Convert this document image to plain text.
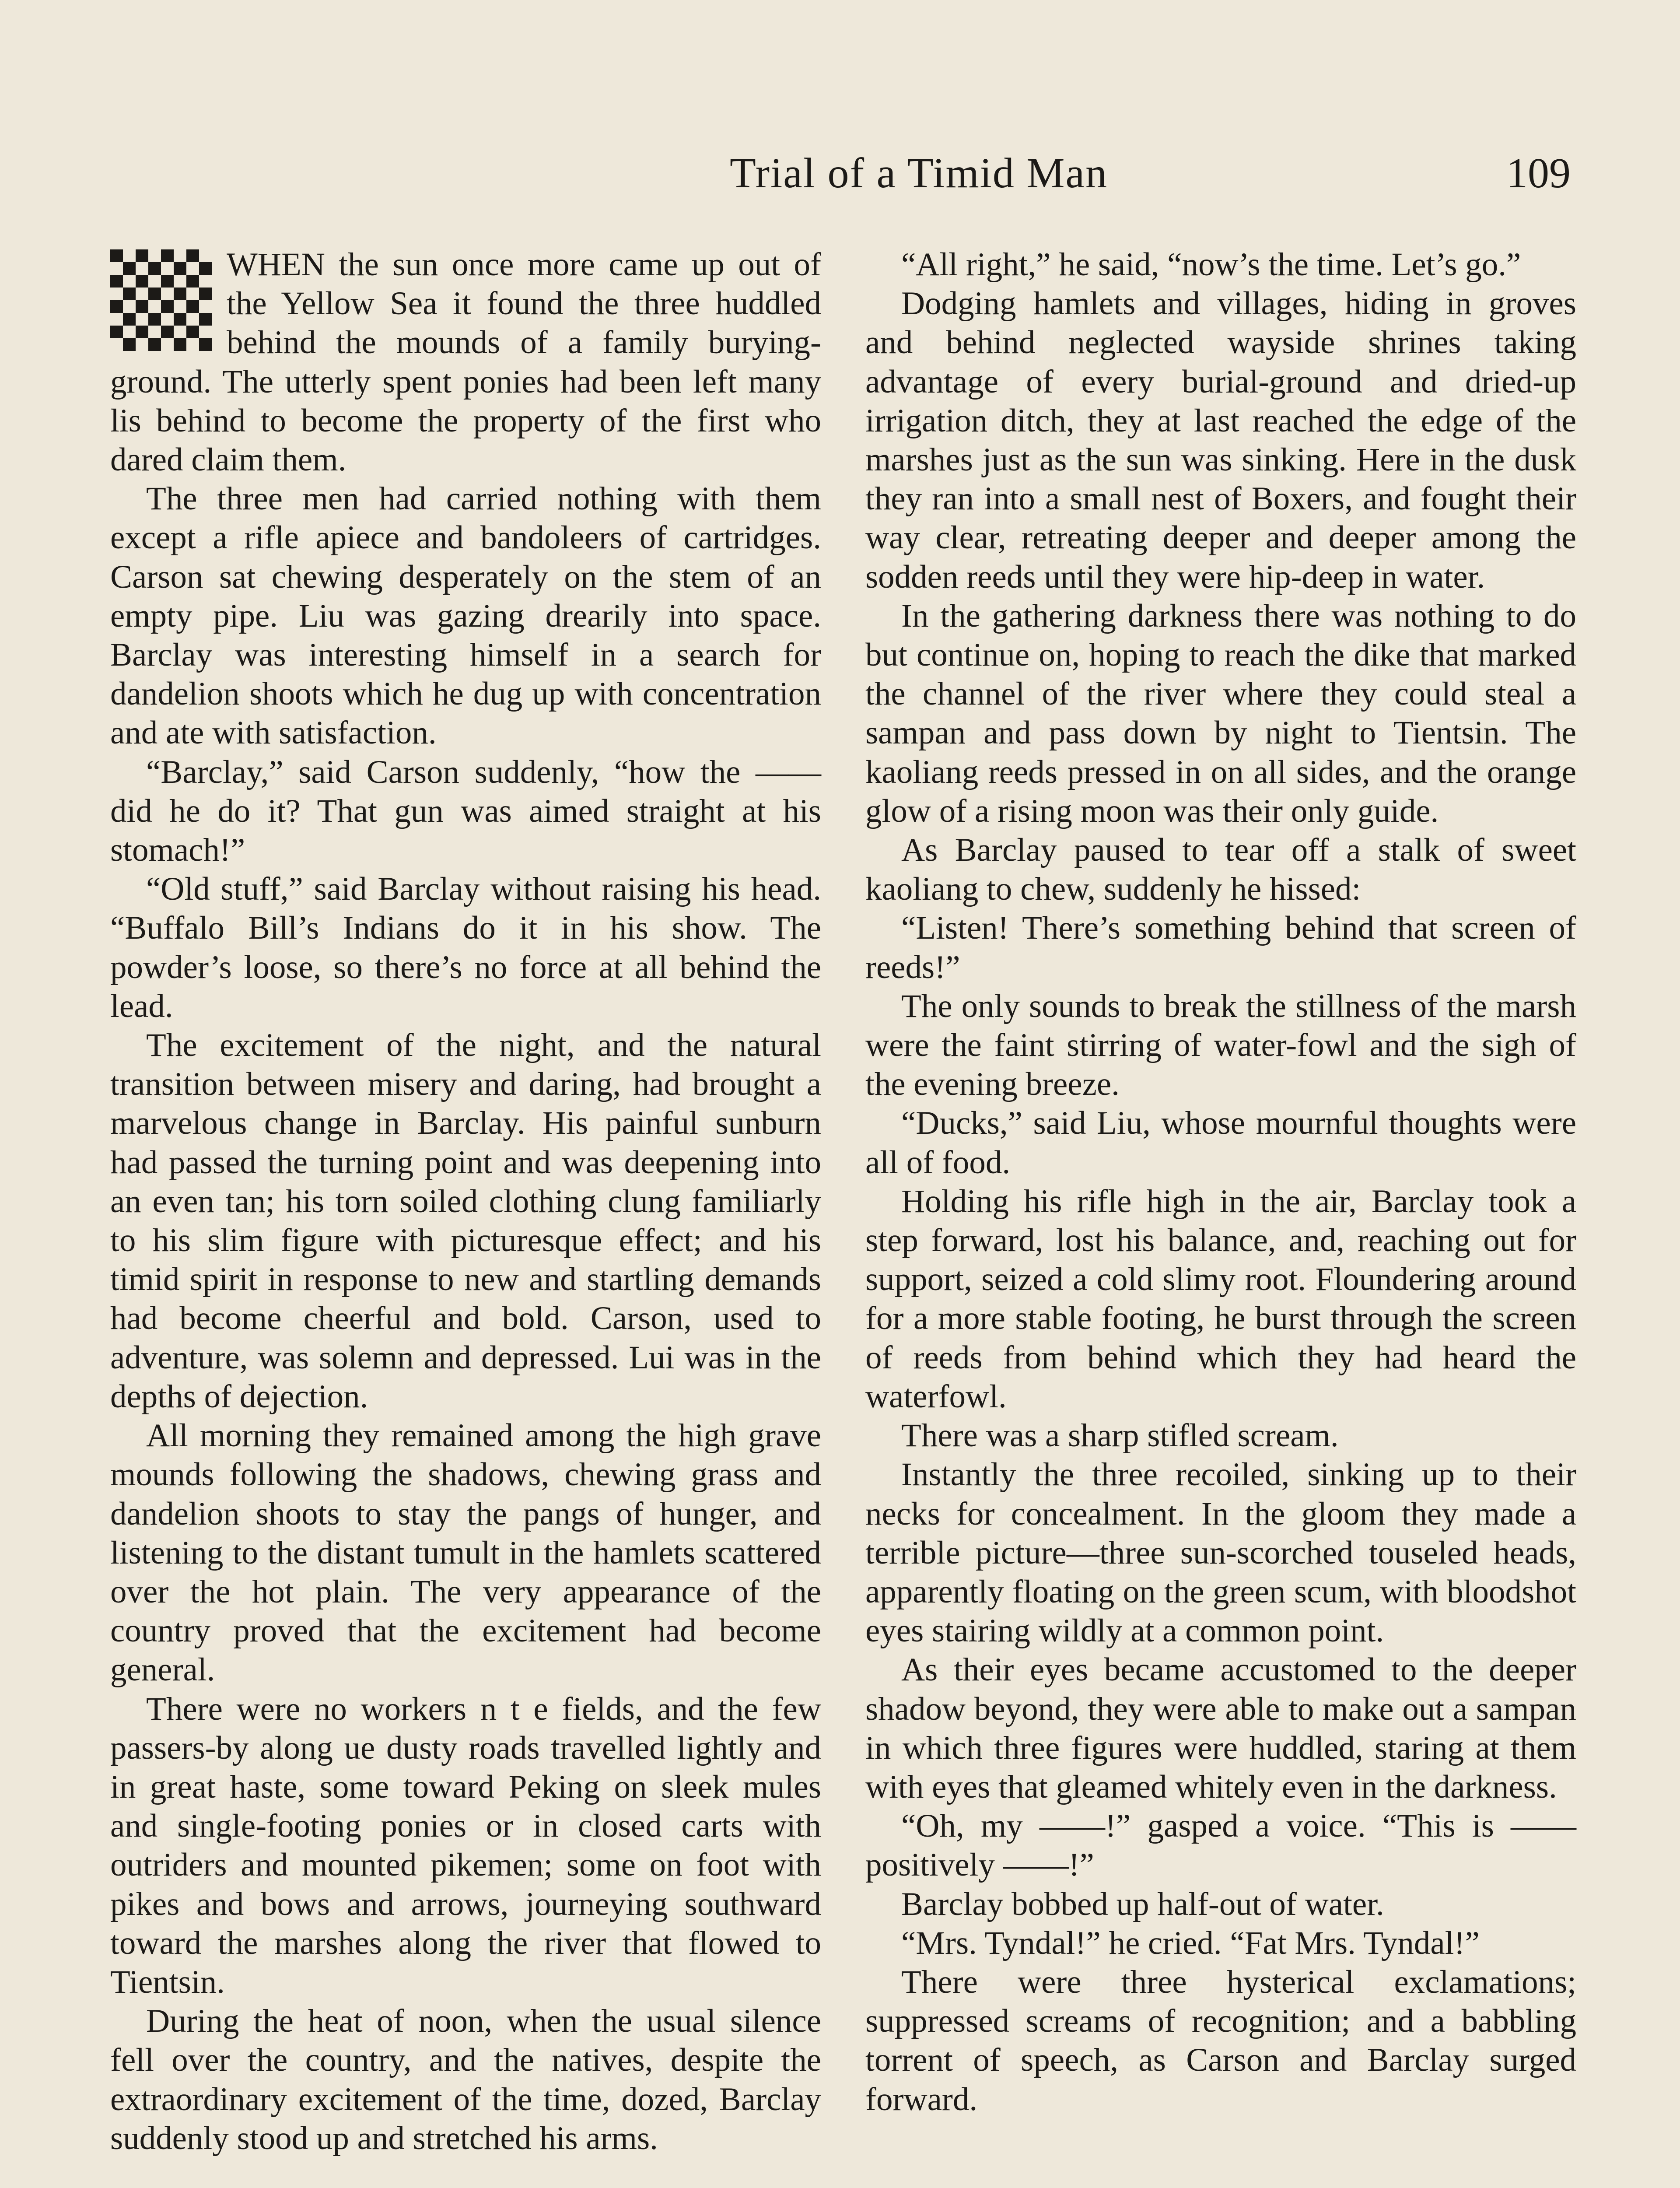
Trial of a Timid Man	109

WHEN the sun once more came up out of the Yellow Sea it found the three huddled behind the mounds of a family burying-ground. The utterly spent ponies had been left many lis behind to become the property of the first who dared claim them.

The three men had carried nothing with them except a rifle apiece and bandoleers of cartridges. Carson sat chewing desperately on the stem of an empty pipe. Liu was gazing drearily into space. Barclay was interesting himself in a search for dandelion shoots which he dug up with concentration and ate with satisfaction.

“Barclay,” said Carson suddenly, “how the —— did he do it? That gun was aimed straight at his stomach!”

“Old stuff,” said Barclay without raising his head. “Buffalo Bill’s Indians do it in his show. The powder’s loose, so there’s no force at all behind the lead.

The excitement of the night, and the natural transition between misery and daring, had brought a marvelous change in Barclay. His painful sunburn had passed the turning point and was deepening into an even tan; his torn soiled clothing clung familiarly to his slim figure with picturesque effect; and his timid spirit in response to new and startling demands had become cheerful and bold. Carson, used to adventure, was solemn and depressed. Lui was in the depths of dejection.

All morning they remained among the high grave mounds following the shadows, chewing grass and dandelion shoots to stay the pangs of hunger, and listening to the distant tumult in the hamlets scattered over the hot plain. The very appearance of the country proved that the excitement had become general.

There were no workers n t e fields, and the few passers-by along ue dusty roads travelled lightly and in great haste, some toward Peking on sleek mules and single-footing ponies or in closed carts with outriders and mounted pikemen; some on foot with pikes and bows and arrows, journeying southward toward the marshes along the river that flowed to Tientsin.

During the heat of noon, when the usual silence fell over the country, and the natives, despite the extraordinary excitement of the time, dozed, Barclay suddenly stood up and stretched his arms.

“All right,” he said, “now’s the time. Let’s go.”

Dodging hamlets and villages, hiding in groves and behind neglected wayside shrines taking advantage of every burial-ground and dried-up irrigation ditch, they at last reached the edge of the marshes just as the sun was sinking. Here in the dusk they ran into a small nest of Boxers, and fought their way clear, retreating deeper and deeper among the sodden reeds until they were hip-deep in water.

In the gathering darkness there was nothing to do but continue on, hoping to reach the dike that marked the channel of the river where they could steal a sampan and pass down by night to Tientsin. The kaoliang reeds pressed in on all sides, and the orange glow of a rising moon was their only guide.

As Barclay paused to tear off a stalk of sweet kaoliang to chew, suddenly he hissed:

“Listen! There’s something behind that screen of reeds!”

The only sounds to break the stillness of the marsh were the faint stirring of water-fowl and the sigh of the evening breeze.

“Ducks,” said Liu, whose mournful thoughts were all of food.

Holding his rifle high in the air, Barclay took a step forward, lost his balance, and, reaching out for support, seized a cold slimy root. Floundering around for a more stable footing, he burst through the screen of reeds from behind which they had heard the waterfowl.

There was a sharp stifled scream.

Instantly the three recoiled, sinking up to their necks for concealment. In the gloom they made a terrible picture—three sun-scorched touseled heads, apparently floating on the green scum, with bloodshot eyes stairing wildly at a common point.

As their eyes became accustomed to the deeper shadow beyond, they were able to make out a sampan in which three figures were huddled, staring at them with eyes that gleamed whitely even in the darkness.

“Oh, my ——!” gasped a voice. “This is —— positively ——!”

Barclay bobbed up half-out of water.

“Mrs. Tyndal!” he cried. “Fat Mrs. Tyndal!”

There were three hysterical exclamations; suppressed screams of recognition; and a babbling torrent of speech, as Carson and Barclay surged forward.
